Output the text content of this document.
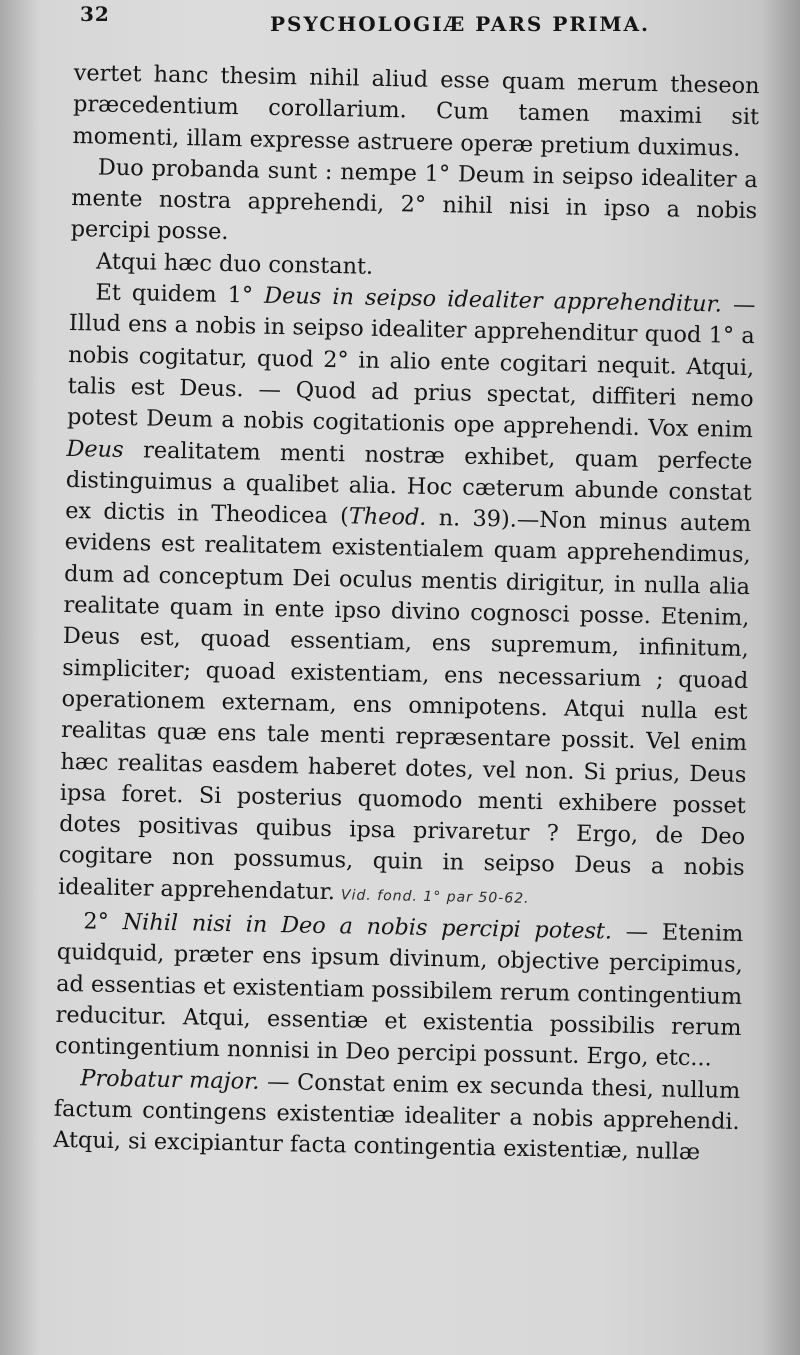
32	PSYCHOLOGIÆ PARS PRIMA.

vertet hanc thesim nihil aliud esse quam merum theseon præcedentium corollarium. Cum tamen maximi sit momenti, illam expresse astruere operæ pretium duximus.

Duo probanda sunt : nempe 1° Deum in seipso idealiter a mente nostra apprehendi, 2° nihil nisi in ipso a nobis percipi posse.

Atqui hæc duo constant.

Et quidem 1° Deus in seipso idealiter apprehenditur. — Illud ens a nobis in seipso idealiter apprehenditur quod 1° a nobis cogitatur, quod 2° in alio ente cogitari nequit. Atqui, talis est Deus. — Quod ad prius spectat, diffiteri nemo potest Deum a nobis cogitationis ope apprehendi. Vox enim Deus realitatem menti nostræ exhibet, quam perfecte distinguimus a qualibet alia. Hoc cæterum abunde constat ex dictis in Theodicea (Theod. n. 39).—Non minus autem evidens est realitatem existentialem quam apprehendimus, dum ad conceptum Dei oculus mentis dirigitur, in nulla alia realitate quam in ente ipso divino cognosci posse. Etenim, Deus est, quoad essentiam, ens supremum, infinitum, simpliciter; quoad existentiam, ens necessarium ; quoad operationem externam, ens omnipotens. Atqui nulla est realitas quæ ens tale menti repræsentare possit. Vel enim hæc realitas easdem haberet dotes, vel non. Si prius, Deus ipsa foret. Si posterius quomodo menti exhibere posset dotes positivas quibus ipsa privaretur ? Ergo, de Deo cogitare non possumus, quin in seipso Deus a nobis idealiter apprehendatur. Vid. fond. 1° par 50-62.

2° Nihil nisi in Deo a nobis percipi potest. — Etenim quidquid, præter ens ipsum divinum, objective percipimus, ad essentias et existentiam possibilem rerum contingentium reducitur. Atqui, essentiæ et existentia possibilis rerum contingentium nonnisi in Deo percipi possunt. Ergo, etc...

Probatur major. — Constat enim ex secunda thesi, nullum factum contingens existentiæ idealiter a nobis apprehendi. Atqui, si excipiantur facta contingentia existentiæ, nullæ
